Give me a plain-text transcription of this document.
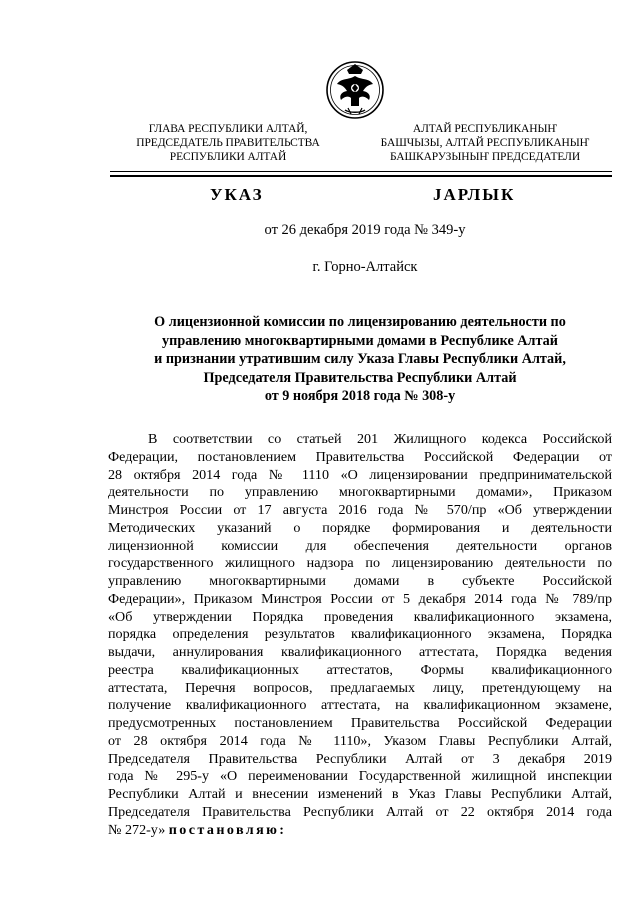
ГЛАВА РЕСПУБЛИКИ АЛТАЙ,
ПРЕДСЕДАТЕЛЬ ПРАВИТЕЛЬСТВА
РЕСПУБЛИКИ АЛТАЙ
АЛТАЙ РЕСПУБЛИКАНЫҤ
БАШЧЫЗЫ, АЛТАЙ РЕСПУБЛИКАНЫҤ
БАШКАРУЗЫНЫҤ ПРЕДСЕДАТЕЛИ
УКАЗ	ЈАРЛЫК
от 26 декабря 2019 года № 349-у
г. Горно-Алтайск
О лицензионной комиссии по лицензированию деятельности по
управлению многоквартирными домами в Республике Алтай
и признании утратившим силу Указа Главы Республики Алтай,
Председателя Правительства Республики Алтай
от 9 ноября 2018 года № 308-у
В соответствии со статьей 201 Жилищного кодекса Российской
Федерации, постановлением Правительства Российской Федерации от
28 октября 2014 года № 1110 «О лицензировании предпринимательской
деятельности по управлению многоквартирными домами», Приказом
Минстроя России от 17 августа 2016 года № 570/пр «Об утверждении
Методических указаний о порядке формирования и деятельности
лицензионной комиссии для обеспечения деятельности органов
государственного жилищного надзора по лицензированию деятельности по
управлению многоквартирными домами в субъекте Российской
Федерации», Приказом Минстроя России от 5 декабря 2014 года № 789/пр
«Об утверждении Порядка проведения квалификационного экзамена,
порядка определения результатов квалификационного экзамена, Порядка
выдачи, аннулирования квалификационного аттестата, Порядка ведения
реестра квалификационных аттестатов, Формы квалификационного
аттестата, Перечня вопросов, предлагаемых лицу, претендующему на
получение квалификационного аттестата, на квалификационном экзамене,
предусмотренных постановлением Правительства Российской Федерации
от 28 октября 2014 года № 1110», Указом Главы Республики Алтай,
Председателя Правительства Республики Алтай от 3 декабря 2019
года № 295-у «О переименовании Государственной жилищной инспекции
Республики Алтай и внесении изменений в Указ Главы Республики Алтай,
Председателя Правительства Республики Алтай от 22 октября 2014 года
№ 272-у» постановляю:
